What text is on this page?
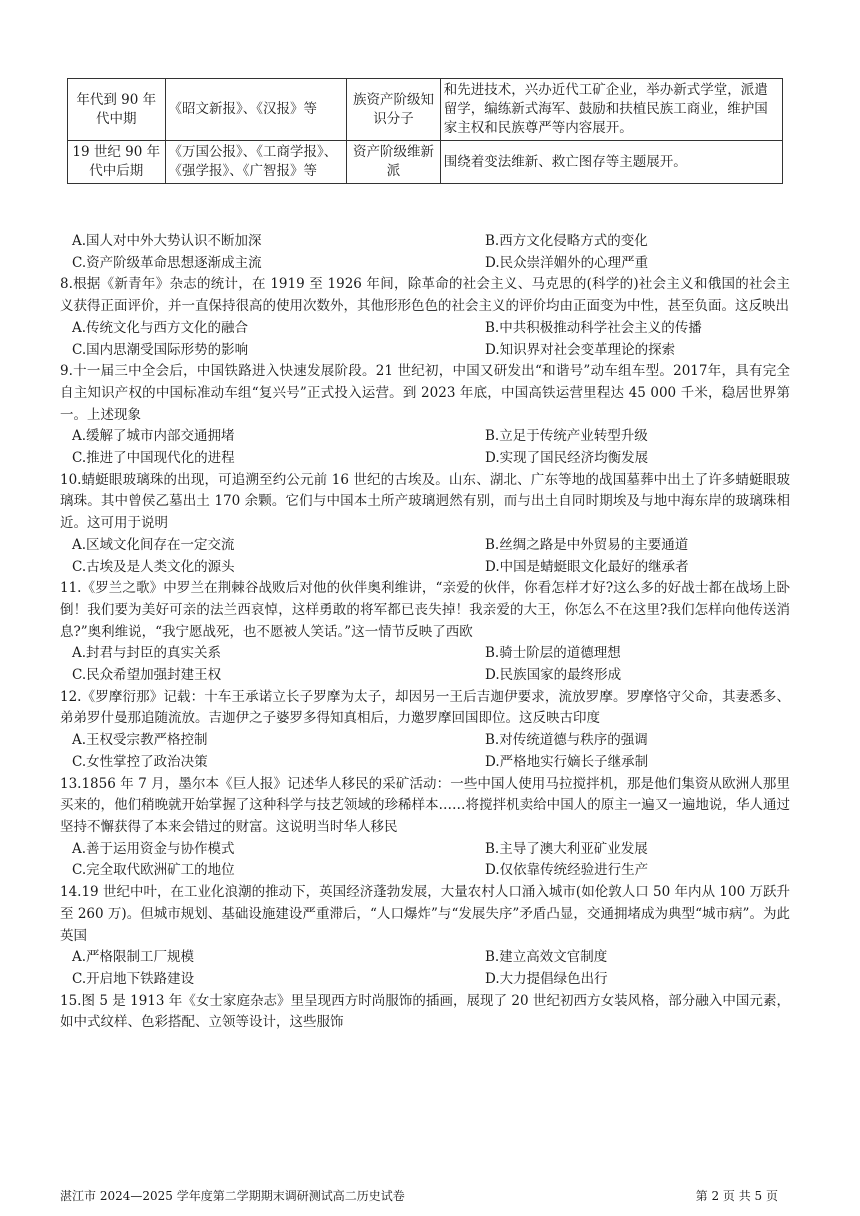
年代到 90 年代中期	《昭文新报》、《汉报》等	族资产阶级知识分子	和先进技术，兴办近代工矿企业，举办新式学堂，派遣留学，编练新式海军、鼓励和扶植民族工商业，维护国家主权和民族尊严等内容展开。
19 世纪 90 年代中后期	《万国公报》、《工商学报》、《强学报》、《广智报》等	资产阶级维新派	围绕着变法维新、救亡图存等主题展开。
A.国人对中外大势认识不断加深	B.西方文化侵略方式的变化
C.资产阶级革命思想逐渐成主流	D.民众崇洋媚外的心理严重

8.根据《新青年》杂志的统计，在 1919 至 1926 年间，除革命的社会主义、马克思的(科学的)社会主义和俄国的社会主义获得正面评价，并一直保持很高的使用次数外，其他形形色色的社会主义的评价均由正面变为中性，甚至负面。这反映出

A.传统文化与西方文化的融合	B.中共积极推动科学社会主义的传播
C.国内思潮受国际形势的影响	D.知识界对社会变革理论的探索

9.十一届三中全会后，中国铁路进入快速发展阶段。21 世纪初，中国又研发出“和谐号”动车组车型。2017年，具有完全自主知识产权的中国标准动车组“复兴号”正式投入运营。到 2023 年底，中国高铁运营里程达 45 000 千米，稳居世界第一。上述现象

A.缓解了城市内部交通拥堵	B.立足于传统产业转型升级
C.推进了中国现代化的进程	D.实现了国民经济均衡发展

10.蜻蜓眼玻璃珠的出现，可追溯至约公元前 16 世纪的古埃及。山东、湖北、广东等地的战国墓葬中出土了许多蜻蜓眼玻璃珠。其中曾侯乙墓出土 170 余颗。它们与中国本土所产玻璃迥然有别，而与出土自同时期埃及与地中海东岸的玻璃珠相近。这可用于说明

A.区域文化间存在一定交流	B.丝绸之路是中外贸易的主要通道
C.古埃及是人类文化的源头	D.中国是蜻蜓眼文化最好的继承者

11.《罗兰之歌》中罗兰在荆棘谷战败后对他的伙伴奥利维讲，“亲爱的伙伴，你看怎样才好?这么多的好战士都在战场上卧倒！我们要为美好可亲的法兰西哀悼，这样勇敢的将军都已丧失掉！我亲爱的大王，你怎么不在这里?我们怎样向他传送消息?”奥利维说，“我宁愿战死，也不愿被人笑话。”这一情节反映了西欧

A.封君与封臣的真实关系	B.骑士阶层的道德理想
C.民众希望加强封建王权	D.民族国家的最终形成

12.《罗摩衍那》记载：十车王承诺立长子罗摩为太子，却因另一王后吉迦伊要求，流放罗摩。罗摩恪守父命，其妻悉多、弟弟罗什曼那追随流放。吉迦伊之子婆罗多得知真相后，力邀罗摩回国即位。这反映古印度

A.王权受宗教严格控制	B.对传统道德与秩序的强调
C.女性掌控了政治决策	D.严格地实行嫡长子继承制

13.1856 年 7 月，墨尔本《巨人报》记述华人移民的采矿活动：一些中国人使用马拉搅拌机，那是他们集资从欧洲人那里买来的，他们稍晚就开始掌握了这种科学与技艺领域的珍稀样本……将搅拌机卖给中国人的原主一遍又一遍地说，华人通过坚持不懈获得了本来会错过的财富。这说明当时华人移民

A.善于运用资金与协作模式	B.主导了澳大利亚矿业发展
C.完全取代欧洲矿工的地位	D.仅依靠传统经验进行生产

14.19 世纪中叶，在工业化浪潮的推动下，英国经济蓬勃发展，大量农村人口涌入城市(如伦敦人口 50 年内从 100 万跃升至 260 万)。但城市规划、基础设施建设严重滞后，“人口爆炸”与“发展失序”矛盾凸显，交通拥堵成为典型“城市病”。为此英国

A.严格限制工厂规模	B.建立高效文官制度
C.开启地下铁路建设	D.大力提倡绿色出行

15.图 5 是 1913 年《女士家庭杂志》里呈现西方时尚服饰的插画，展现了 20 世纪初西方女装风格，部分融入中国元素，如中式纹样、色彩搭配、立领等设计，这些服饰

湛江市 2024—2025 学年度第二学期期末调研测试高二历史试卷	第 2 页 共 5 页
